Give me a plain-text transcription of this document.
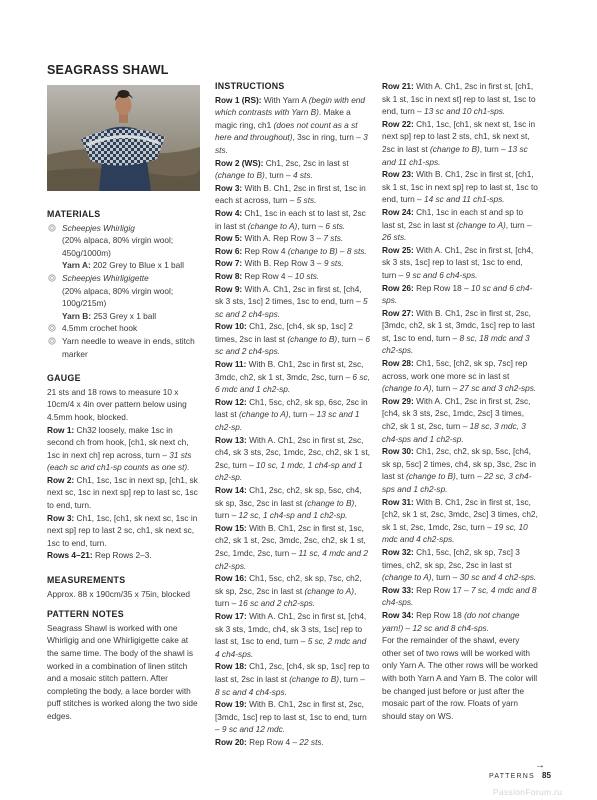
SEAGRASS SHAWL
MATERIALS
Scheepjes Whirligig
(20% alpaca, 80% virgin wool;
450g/1000m)
Yarn A: 202 Grey to Blue x 1 ball
Scheepjes Whirligigette
(20% alpaca, 80% virgin wool;
100g/215m)
Yarn B: 253 Grey x 1 ball
4.5mm crochet hook
Yarn needle to weave in ends, stitch marker
GAUGE

21 sts and 18 rows to measure 10 x 10cm/4 x 4in over pattern below using 4.5mm hook, blocked.

Row 1: Ch32 loosely, make 1sc in second ch from hook, [ch1, sk next ch, 1sc in next ch] rep across, turn – 31 sts (each sc and ch1-sp counts as one st).

Row 2: Ch1, 1sc, 1sc in next sp, [ch1, sk next sc, 1sc in next sp] rep to last sc, 1sc to end, turn.

Row 3: Ch1, 1sc, [ch1, sk next sc, 1sc in next sp] rep to last 2 sc, ch1, sk next sc, 1sc to end, turn.

Rows 4–21: Rep Rows 2–3.

MEASUREMENTS

Approx. 88 x 190cm/35 x 75in, blocked

PATTERN NOTES

Seagrass Shawl is worked with one Whirligig and one Whirligigette cake at the same time. The body of the shawl is worked in a combination of linen stitch and a mosaic stitch pattern. After completing the body, a lace border with puff stitches is worked along the two side edges.

INSTRUCTIONS

Row 1 (RS): With Yarn A (begin with end which contrasts with Yarn B). Make a magic ring, ch1 (does not count as a st here and throughout), 3sc in ring, turn – 3 sts.

Row 2 (WS): Ch1, 2sc, 2sc in last st (change to B), turn – 4 sts.

Row 3: With B. Ch1, 2sc in first st, 1sc in each st across, turn – 5 sts.

Row 4: Ch1, 1sc in each st to last st, 2sc in last st (change to A), turn – 6 sts.

Row 5: With A. Rep Row 3 – 7 sts.

Row 6: Rep Row 4 (change to B) – 8 sts.

Row 7: With B. Rep Row 3 – 9 sts.

Row 8: Rep Row 4 – 10 sts.

Row 9: With A. Ch1, 2sc in first st, [ch4, sk 3 sts, 1sc] 2 times, 1sc to end, turn – 5 sc and 2 ch4-sps.

Row 10: Ch1, 2sc, [ch4, sk sp, 1sc] 2 times, 2sc in last st (change to B), turn – 6 sc and 2 ch4-sps.

Row 11: With B. Ch1, 2sc in first st, 2sc, 3mdc, ch2, sk 1 st, 3mdc, 2sc, turn – 6 sc, 6 mdc and 1 ch2-sp.

Row 12: Ch1, 5sc, ch2, sk sp, 6sc, 2sc in last st (change to A), turn – 13 sc and 1 ch2-sp.

Row 13: With A. Ch1, 2sc in first st, 2sc, ch4, sk 3 sts, 2sc, 1mdc, 2sc, ch2, sk 1 st, 2sc, turn – 10 sc, 1 mdc, 1 ch4-sp and 1 ch2-sp.

Row 14: Ch1, 2sc, ch2, sk sp, 5sc, ch4, sk sp, 3sc, 2sc in last st (change to B), turn – 12 sc, 1 ch4-sp and 1 ch2-sp.

Row 15: With B. Ch1, 2sc in first st, 1sc, ch2, sk 1 st, 2sc, 3mdc, 2sc, ch2, sk 1 st, 2sc, 1mdc, 2sc, turn – 11 sc, 4 mdc and 2 ch2-sps.

Row 16: Ch1, 5sc, ch2, sk sp, 7sc, ch2, sk sp, 2sc, 2sc in last st (change to A), turn – 16 sc and 2 ch2-sps.

Row 17: With A. Ch1, 2sc in first st, [ch4, sk 3 sts, 1mdc, ch4, sk 3 sts, 1sc] rep to last st, 1sc to end, turn – 5 sc, 2 mdc and 4 ch4-sps.

Row 18: Ch1, 2sc, [ch4, sk sp, 1sc] rep to last st, 2sc in last st (change to B), turn – 8 sc and 4 ch4-sps.

Row 19: With B. Ch1, 2sc in first st, 2sc, [3mdc, 1sc] rep to last st, 1sc to end, turn – 9 sc and 12 mdc.

Row 20: Rep Row 4 – 22 sts.

Row 21: With A. Ch1, 2sc in first st, [ch1, sk 1 st, 1sc in next st] rep to last st, 1sc to end, turn – 13 sc and 10 ch1-sps.

Row 22: Ch1, 1sc, [ch1, sk next st, 1sc in next sp] rep to last 2 sts, ch1, sk next st, 2sc in last st (change to B), turn – 13 sc and 11 ch1-sps.

Row 23: With B. Ch1, 2sc in first st, [ch1, sk 1 st, 1sc in next sp] rep to last st, 1sc to end, turn – 14 sc and 11 ch1-sps.

Row 24: Ch1, 1sc in each st and sp to last st, 2sc in last st (change to A), turn – 26 sts.

Row 25: With A. Ch1, 2sc in first st, [ch4, sk 3 sts, 1sc] rep to last st, 1sc to end, turn – 9 sc and 6 ch4-sps.

Row 26: Rep Row 18 – 10 sc and 6 ch4-sps.

Row 27: With B. Ch1, 2sc in first st, 2sc, [3mdc, ch2, sk 1 st, 3mdc, 1sc] rep to last st, 1sc to end, turn – 8 sc, 18 mdc and 3 ch2-sps.

Row 28: Ch1, 5sc, [ch2, sk sp, 7sc] rep across, work one more sc in last st (change to A), turn – 27 sc and 3 ch2-sps.

Row 29: With A. Ch1, 2sc in first st, 2sc, [ch4, sk 3 sts, 2sc, 1mdc, 2sc] 3 times, ch2, sk 1 st, 2sc, turn – 18 sc, 3 mdc, 3 ch4-sps and 1 ch2-sp.

Row 30: Ch1, 2sc, ch2, sk sp, 5sc, [ch4, sk sp, 5sc] 2 times, ch4, sk sp, 3sc, 2sc in last st (change to B), turn – 22 sc, 3 ch4-sps and 1 ch2-sp.

Row 31: With B. Ch1, 2sc in first st, 1sc, [ch2, sk 1 st, 2sc, 3mdc, 2sc] 3 times, ch2, sk 1 st, 2sc, 1mdc, 2sc, turn – 19 sc, 10 mdc and 4 ch2-sps.

Row 32: Ch1, 5sc, [ch2, sk sp, 7sc] 3 times, ch2, sk sp, 2sc, 2sc in last st (change to A), turn – 30 sc and 4 ch2-sps.

Row 33: Rep Row 17 – 7 sc, 4 mdc and 8 ch4-sps.

Row 34: Rep Row 18 (do not change yarn!) – 12 sc and 8 ch4-sps.

For the remainder of the shawl, every other set of two rows will be worked with only Yarn A. The other rows will be worked with both Yarn A and Yarn B. The color will be changed just before or just after the mosaic part of the row. Floats of yarn should stay on WS.

→
PATTERNS 85
PassionForum.ru
